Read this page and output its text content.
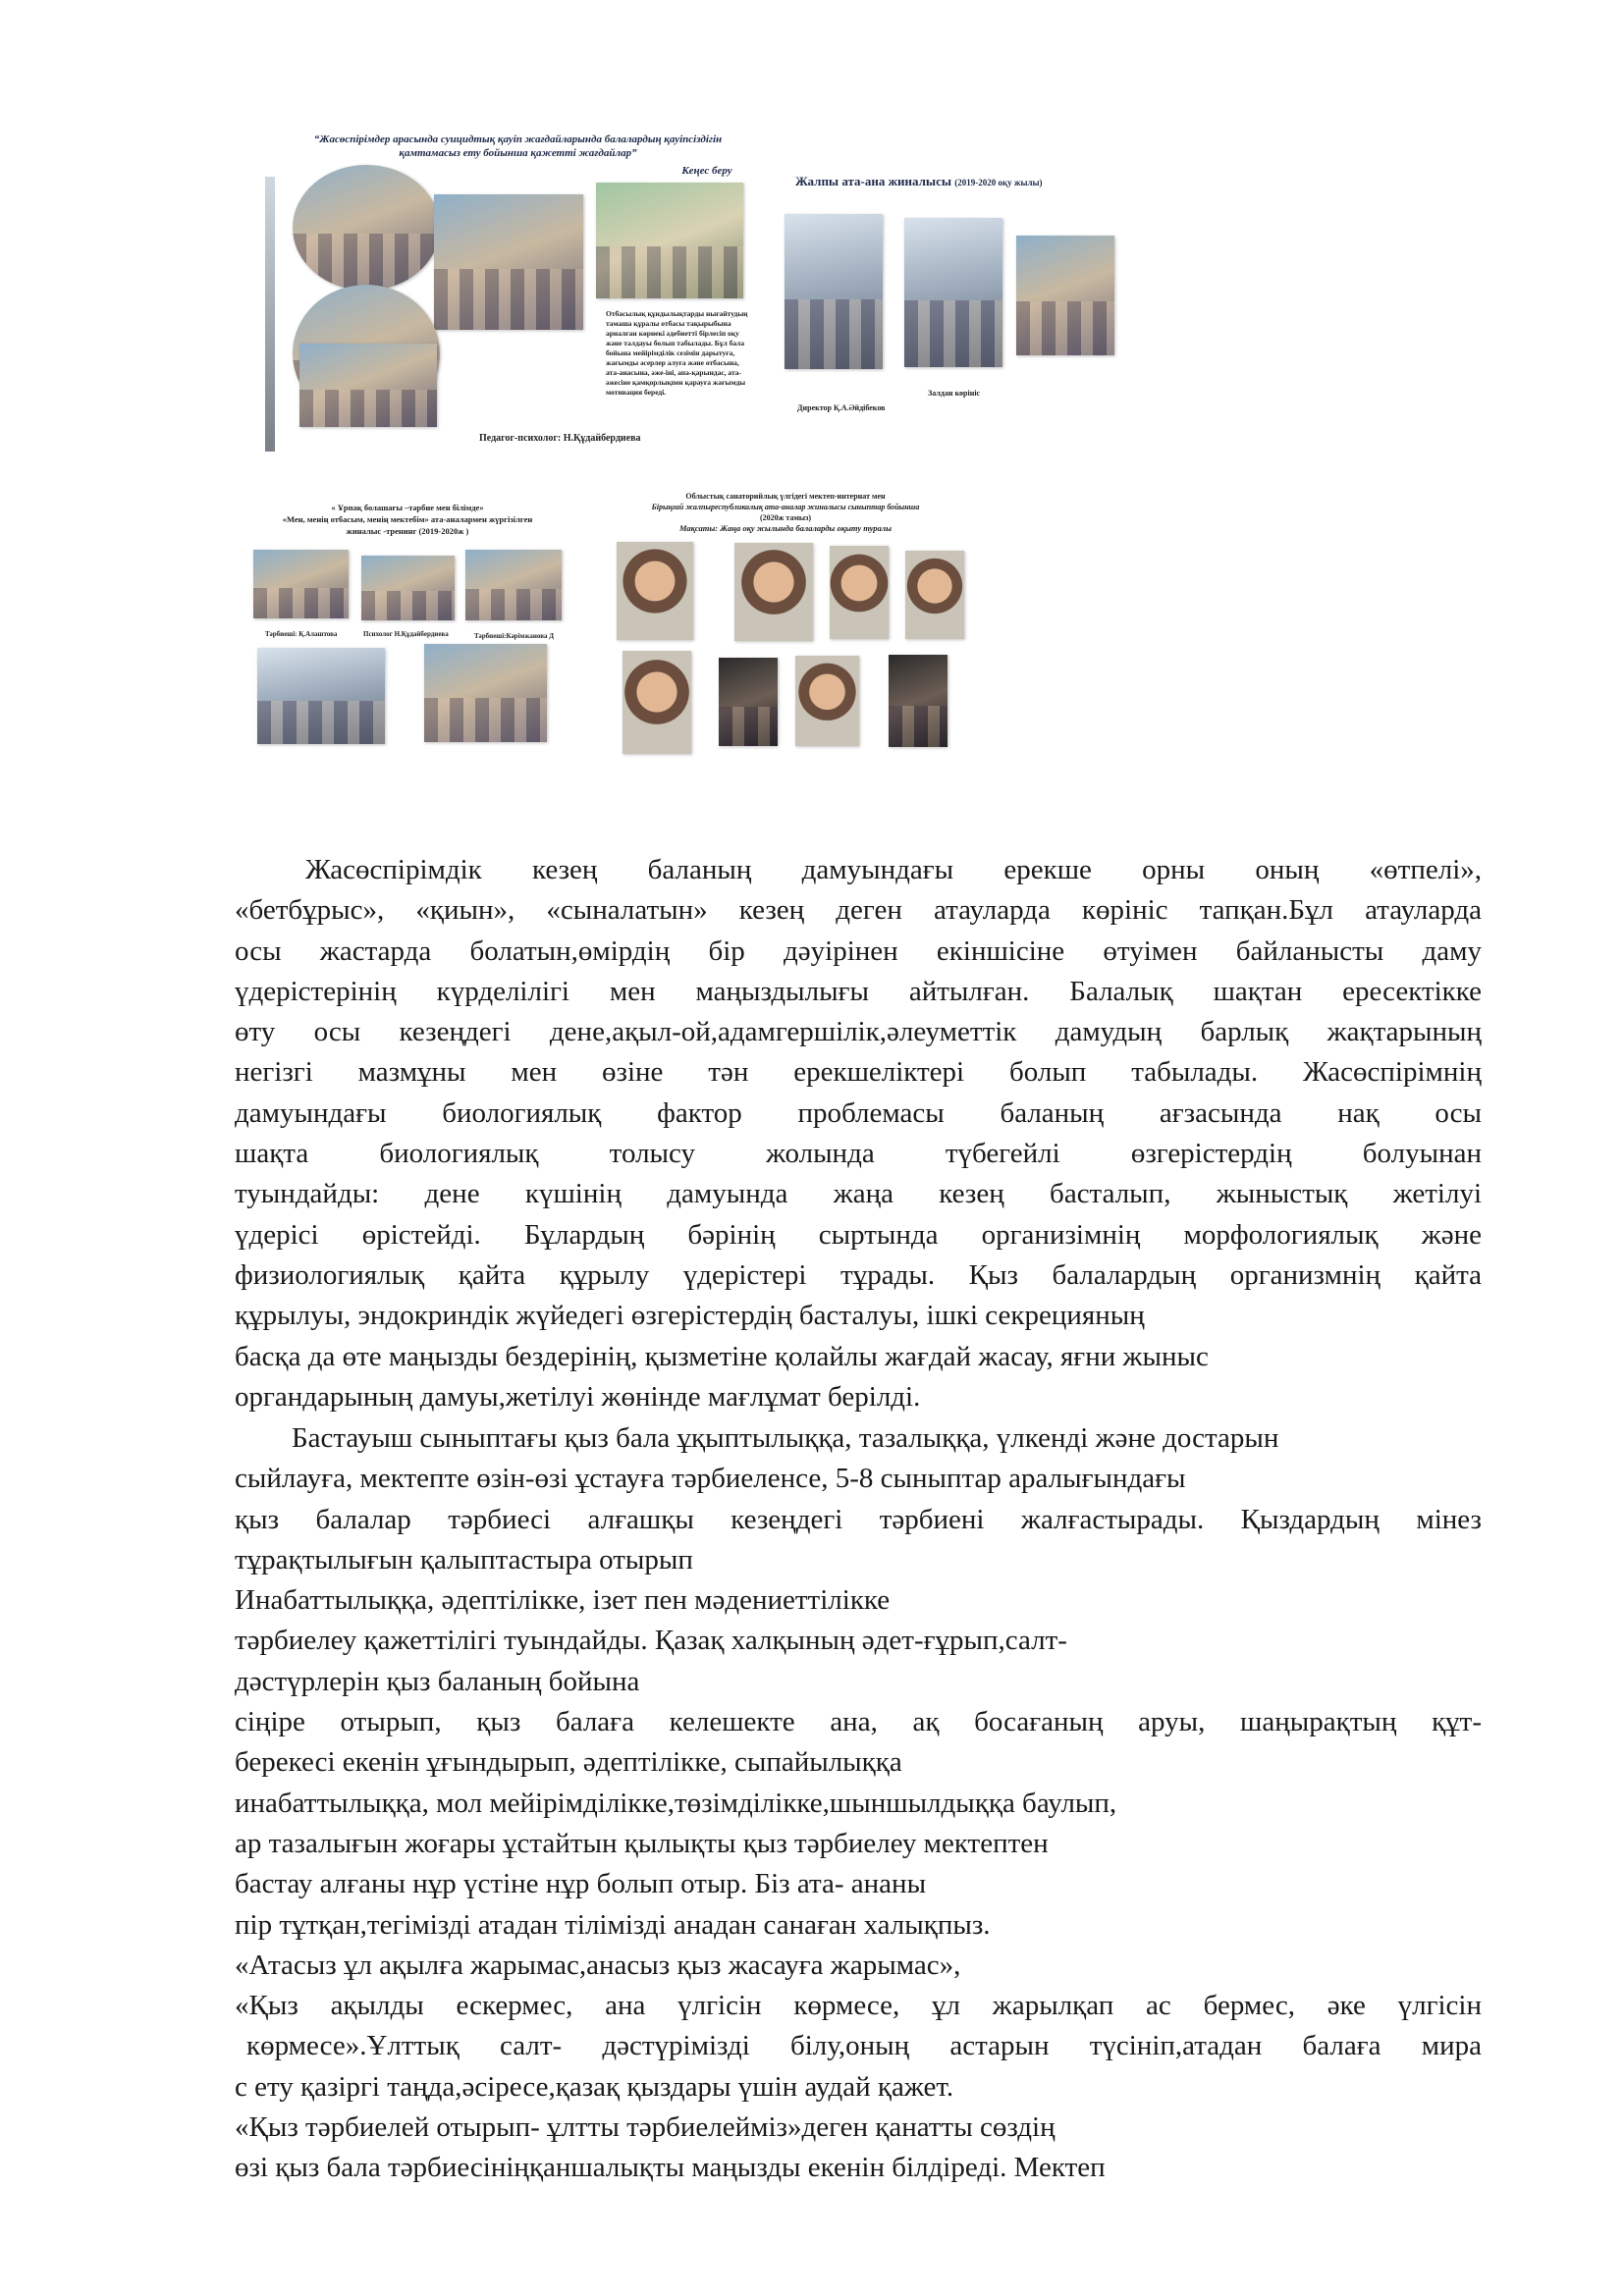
“Жасөспірімдер арасында суицидтық қауіп жағдайларында балалардың қауіпсіздігін қамтамасыз ету бойынша қажетті жағдайлар”
Кеңес беру
Отбасылық құндылықтарды нығайтудың тамаша құралы отбасы тақырыбына арналған көрнекі әдебиетті бірлесіп оқу және талдауы болып табылады. Бұл бала бойына мейірімділік сезімін дарытуға, жағымды әсерлер алуға және отбасына, ата-анасына, әже-іні, апа-қарындас, ата-әжесіне қамқорлықпен қарауға жағымды мотивация береді.
Педагог-психолог: Н.Құдайбердиева
Жалпы ата-ана жиналысы (2019-2020 оқу жылы)
Директор Қ.А.Әйдібеков
Залдан көрініс
« Ұрпақ болашағы –тәрбие мен білімде»
«Мен, менің отбасым, менің мектебім» ата-аналармен жүргізілген
жиналыс -тренинг (2019-2020ж )
Тәрбиеші: Қ.Алаштова	Психолог Н.Құдайбердиева	Тәрбиеші:Кәрімжанова Д
Облыстық санаторийлық үлгідегі мектеп-интернат мен
Бірыңғай жалпыреспубликалық ата-аналар жиналысы сыныптар бойынша
(2020ж тамыз)
Мақсаты: Жаңа оқу жылында балаларды оқыту туралы
Жасөспірімдік кезең баланың дамуындағы ерекше орны оның «өтпелі»,
«бетбұрыс», «қиын», «сыналатын» кезең деген атауларда көрініс тапқан.Бұл атауларда
осы жастарда болатын,өмірдің бір дәуірінен екіншісіне өтуімен байланысты даму
үдерістерінің күрделілігі мен маңыздылығы айтылған. Балалық шақтан ересектікке
өту осы кезеңдегі дене,ақыл-ой,адамгершілік,әлеуметтік дамудың барлық жақтарының
негізгі мазмұны мен өзіне тән ерекшеліктері болып табылады. Жасөспірімнің
дамуындағы биологиялық фактор проблемасы баланың ағзасында нақ осы
шақта биологиялық толысу жолында түбегейлі өзгерістердің болуынан
туындайды: дене күшінің дамуында жаңа кезең басталып, жыныстық жетілуі
үдерісі өрістейді. Бұлардың бәрінің сыртында организімнің морфологиялық және
физиологиялық қайта құрылу үдерістері тұрады. Қыз балалардың организмнің қайта
құрылуы, эндокриндік жүйедегі өзгерістердің басталуы, ішкі секрецияның
басқа да өте маңызды бездерінің, қызметіне қолайлы жағдай жасау, яғни жыныс
органдарының дамуы,жетілуі жөнінде мағлұмат берілді.
Бастауыш сыныптағы қыз бала ұқыптылыққа, тазалыққа, үлкенді және достарын
сыйлауға, мектепте өзін-өзі ұстауға тәрбиеленсе, 5-8 сыныптар аралығындағы
қыз балалар тәрбиесі алғашқы кезеңдегі тәрбиені жалғастырады. Қыздардың мінез
тұрақтылығын қалыптастыра отырып
Инабаттылыққа, әдептілікке, ізет пен мәдениеттілікке
тәрбиелеу қажеттілігі туындайды. Қазақ халқының әдет-ғұрып,салт-
дәстүрлерін қыз баланың бойына
сіңіре отырып, қыз балаға келешекте ана, ақ босағаның аруы, шаңырақтың құт-
берекесі екенін ұғындырып, әдептілікке, сыпайылыққа
инабаттылыққа, мол мейірімділікке,төзімділікке,шыншылдыққа баулып,
ар тазалығын жоғары ұстайтын қылықты қыз тәрбиелеу мектептен
бастау алғаны нұр үстіне нұр болып отыр. Біз ата- ананы
пір тұтқан,тегімізді атадан тілімізді анадан санаған халықпыз.
«Атасыз ұл ақылға жарымас,анасыз қыз жасауға жарымас»,
«Қыз ақылды ескермес, ана үлгісін көрмесе, ұл жарылқап ас бермес, әке үлгісін
көрмесе».Ұлттық салт- дәстүрімізді білу,оның астарын түсініп,атадан балаға мира
с ету қазіргі таңда,әсіресе,қазақ қыздары үшін аудай қажет.
«Қыз тәрбиелей отырып- ұлтты тәрбиелейміз»деген қанатты сөздің
өзі қыз бала тәрбиесініңқаншалықты маңызды екенін білдіреді. Мектеп
